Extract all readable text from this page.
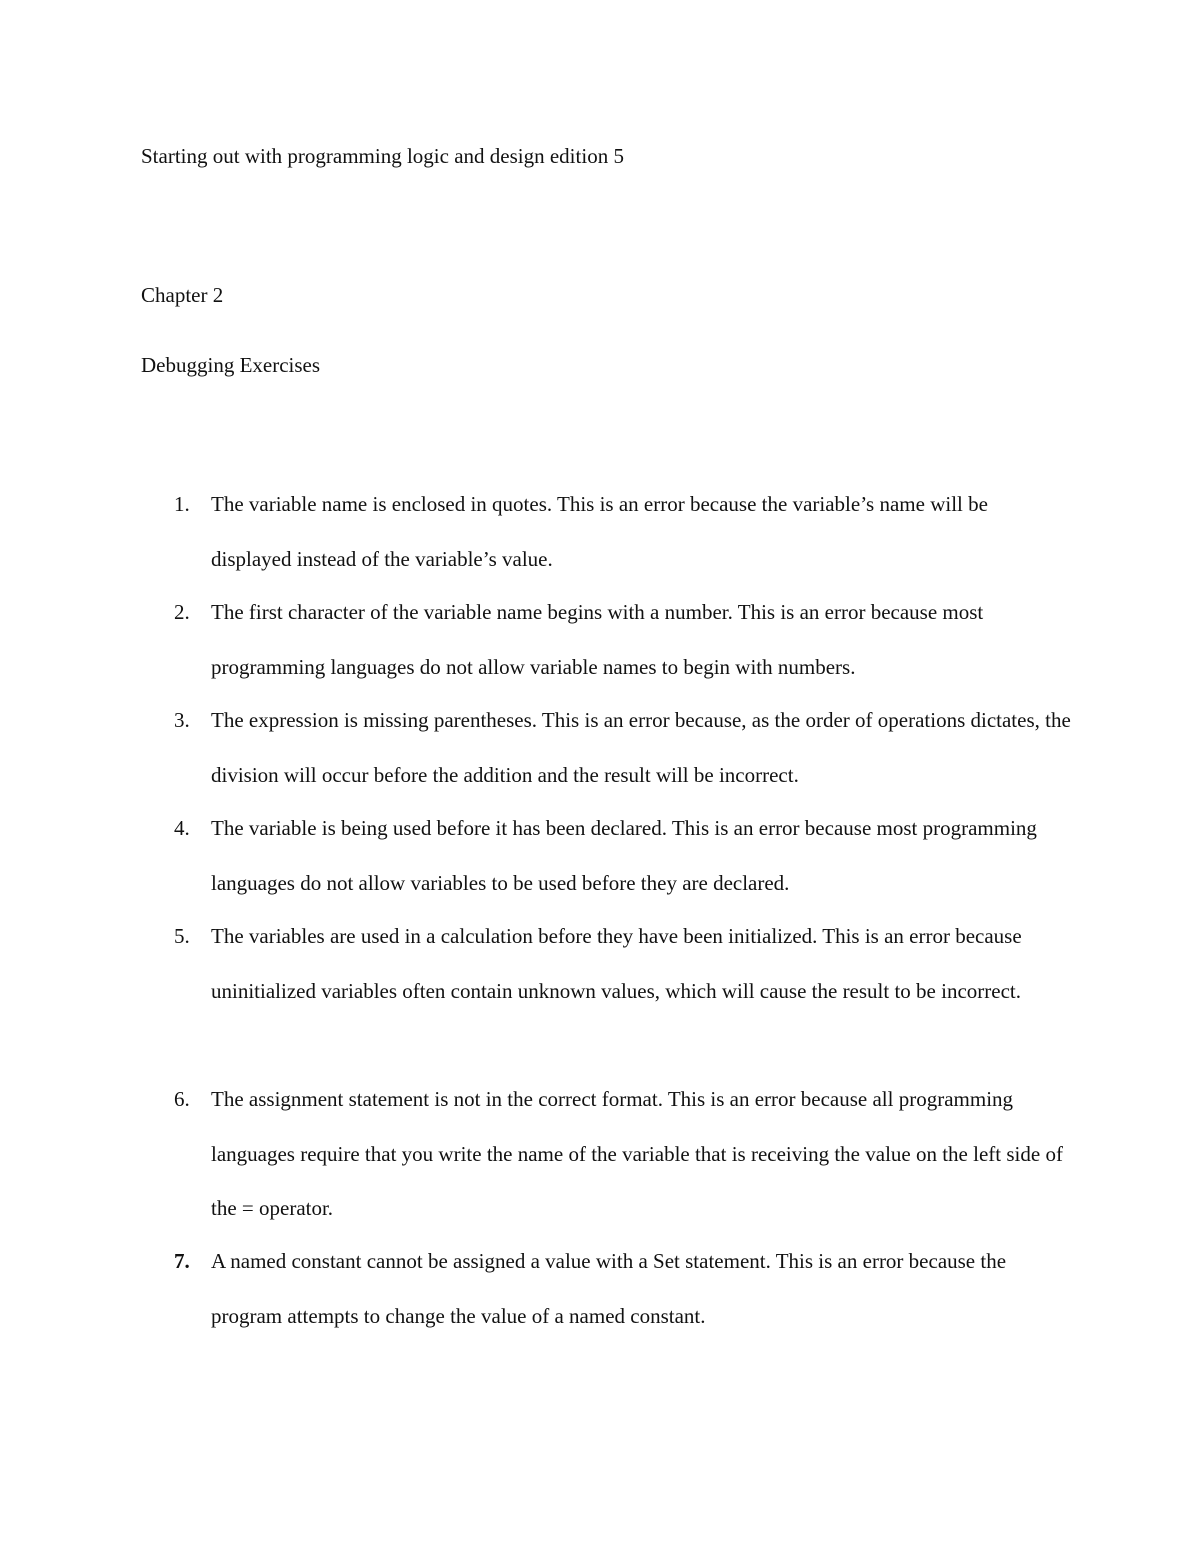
Starting out with programming logic and design edition 5
Chapter 2
Debugging Exercises
1.	The variable name is enclosed in quotes. This is an error because the variable’s name will be displayed instead of the variable’s value.
2.	The first character of the variable name begins with a number. This is an error because most programming languages do not allow variable names to begin with numbers.
3.	The expression is missing parentheses. This is an error because, as the order of operations dictates, the division will occur before the addition and the result will be incorrect.
4.	The variable is being used before it has been declared. This is an error because most programming languages do not allow variables to be used before they are declared.
5.	The variables are used in a calculation before they have been initialized. This is an error because uninitialized variables often contain unknown values, which will cause the result to be incorrect.
6.	The assignment statement is not in the correct format. This is an error because all programming languages require that you write the name of the variable that is receiving the value on the left side of the = operator.
7.	A named constant cannot be assigned a value with a Set statement. This is an error because the program attempts to change the value of a named constant.
